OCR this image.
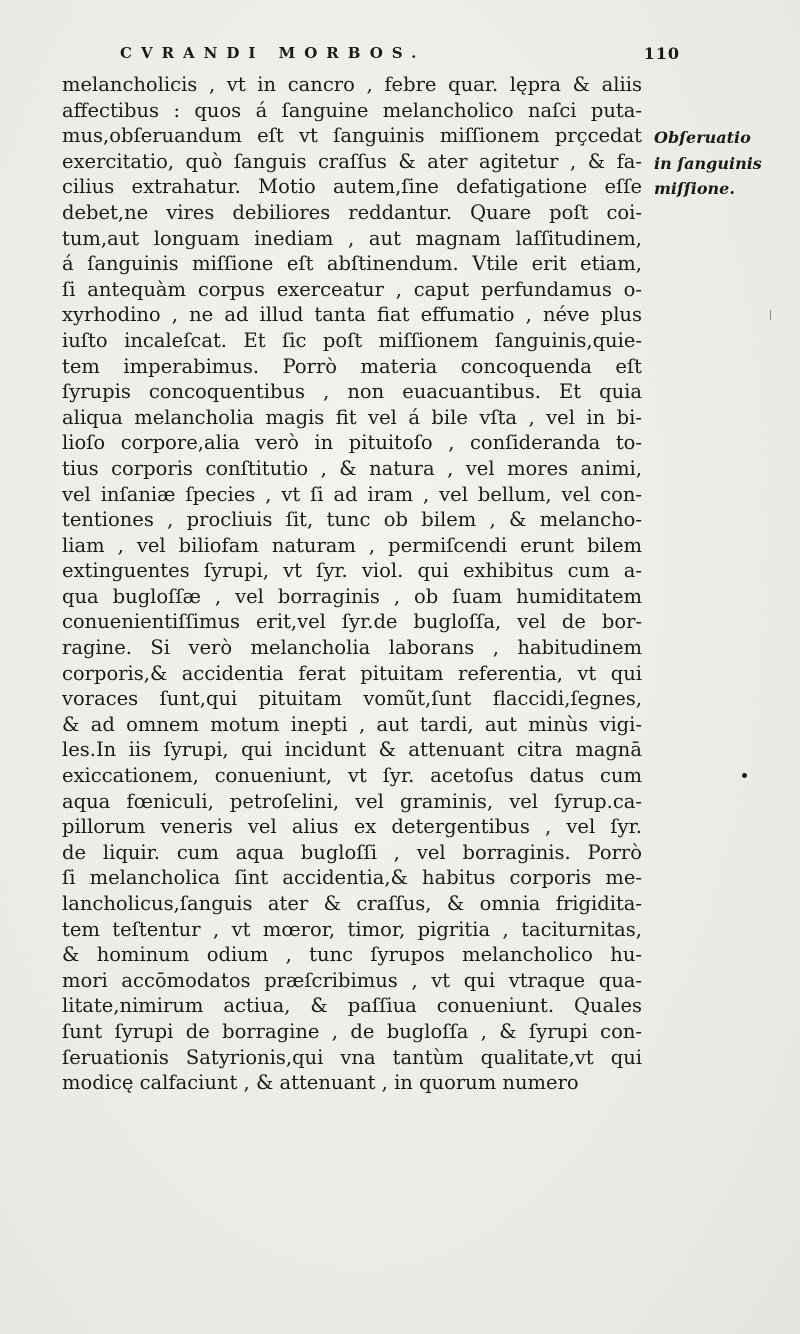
CVRANDI MORBOS.	110
melancholicis , vt in cancro , febre quar. lępra & aliis
affectibus : quos á ſanguine melancholico naſci puta-
mus,obſeruandum eſt vt ſanguinis miſſionem prçcedat
exercitatio, quò ſanguis craſſus & ater agitetur , & fa-
cilius extrahatur. Motio autem,ſine defatigatione eſſe
debet,ne vires debiliores reddantur. Quare poſt coi-
tum,aut longuam inediam , aut magnam laſſitudinem,
á ſanguinis miſſione eſt abſtinendum. Vtile erit etiam,
ſi antequàm corpus exerceatur , caput perfundamus o-
xyrhodino , ne ad illud tanta fiat effumatio , néve plus
iuſto incaleſcat. Et ſic poſt miſſionem ſanguinis,quie-
tem imperabimus. Porrò materia concoquenda eſt
ſyrupis concoquentibus , non euacuantibus. Et quia
aliqua melancholia magis fit vel á bile vſta , vel in bi-
lioſo corpore,alia verò in pituitoſo , conſideranda to-
tius corporis conſtitutio , & natura , vel mores animi,
vel inſaniæ ſpecies , vt ſi ad iram , vel bellum, vel con-
tentiones , procliuis ſit, tunc ob bilem , & melancho-
liam , vel biliofam naturam , permiſcendi erunt bilem
extinguentes ſyrupi, vt ſyr. viol. qui exhibitus cum a-
qua bugloſſæ , vel borraginis , ob ſuam humiditatem
conuenientiſſimus erit,vel ſyr.de bugloſſa, vel de bor-
ragine. Si verò melancholia laborans , habitudinem
corporis,& accidentia ferat pituitam referentia, vt qui
voraces ſunt,qui pituitam vomũt,ſunt flaccidi,ſegnes,
& ad omnem motum inepti , aut tardi, aut minùs vigi-
les.In iis ſyrupi, qui incidunt & attenuant citra magnā
exiccationem, conueniunt, vt ſyr. acetoſus datus cum
aqua fœniculi, petroſelini, vel graminis, vel ſyrup.ca-
pillorum veneris vel alius ex detergentibus , vel ſyr.
de liquir. cum aqua bugloſſi , vel borraginis. Porrò
ſi melancholica ſint accidentia,& habitus corporis me-
lancholicus,ſanguis ater & craſſus, & omnia frigidita-
tem teſtentur , vt mœror, timor, pigritia , taciturnitas,
& hominum odium , tunc ſyrupos melancholico hu-
mori accōmodatos præſcribimus , vt qui vtraque qua-
litate,nimirum actiua, & paſſiua conueniunt. Quales
ſunt ſyrupi de borragine , de bugloſſa , & ſyrupi con-
ſeruationis Satyrionis,qui vna tantùm qualitate,vt qui
modicę calfaciunt , & attenuant , in quorum numero
Obſeruatio
in ſanguinis
miſſione.
